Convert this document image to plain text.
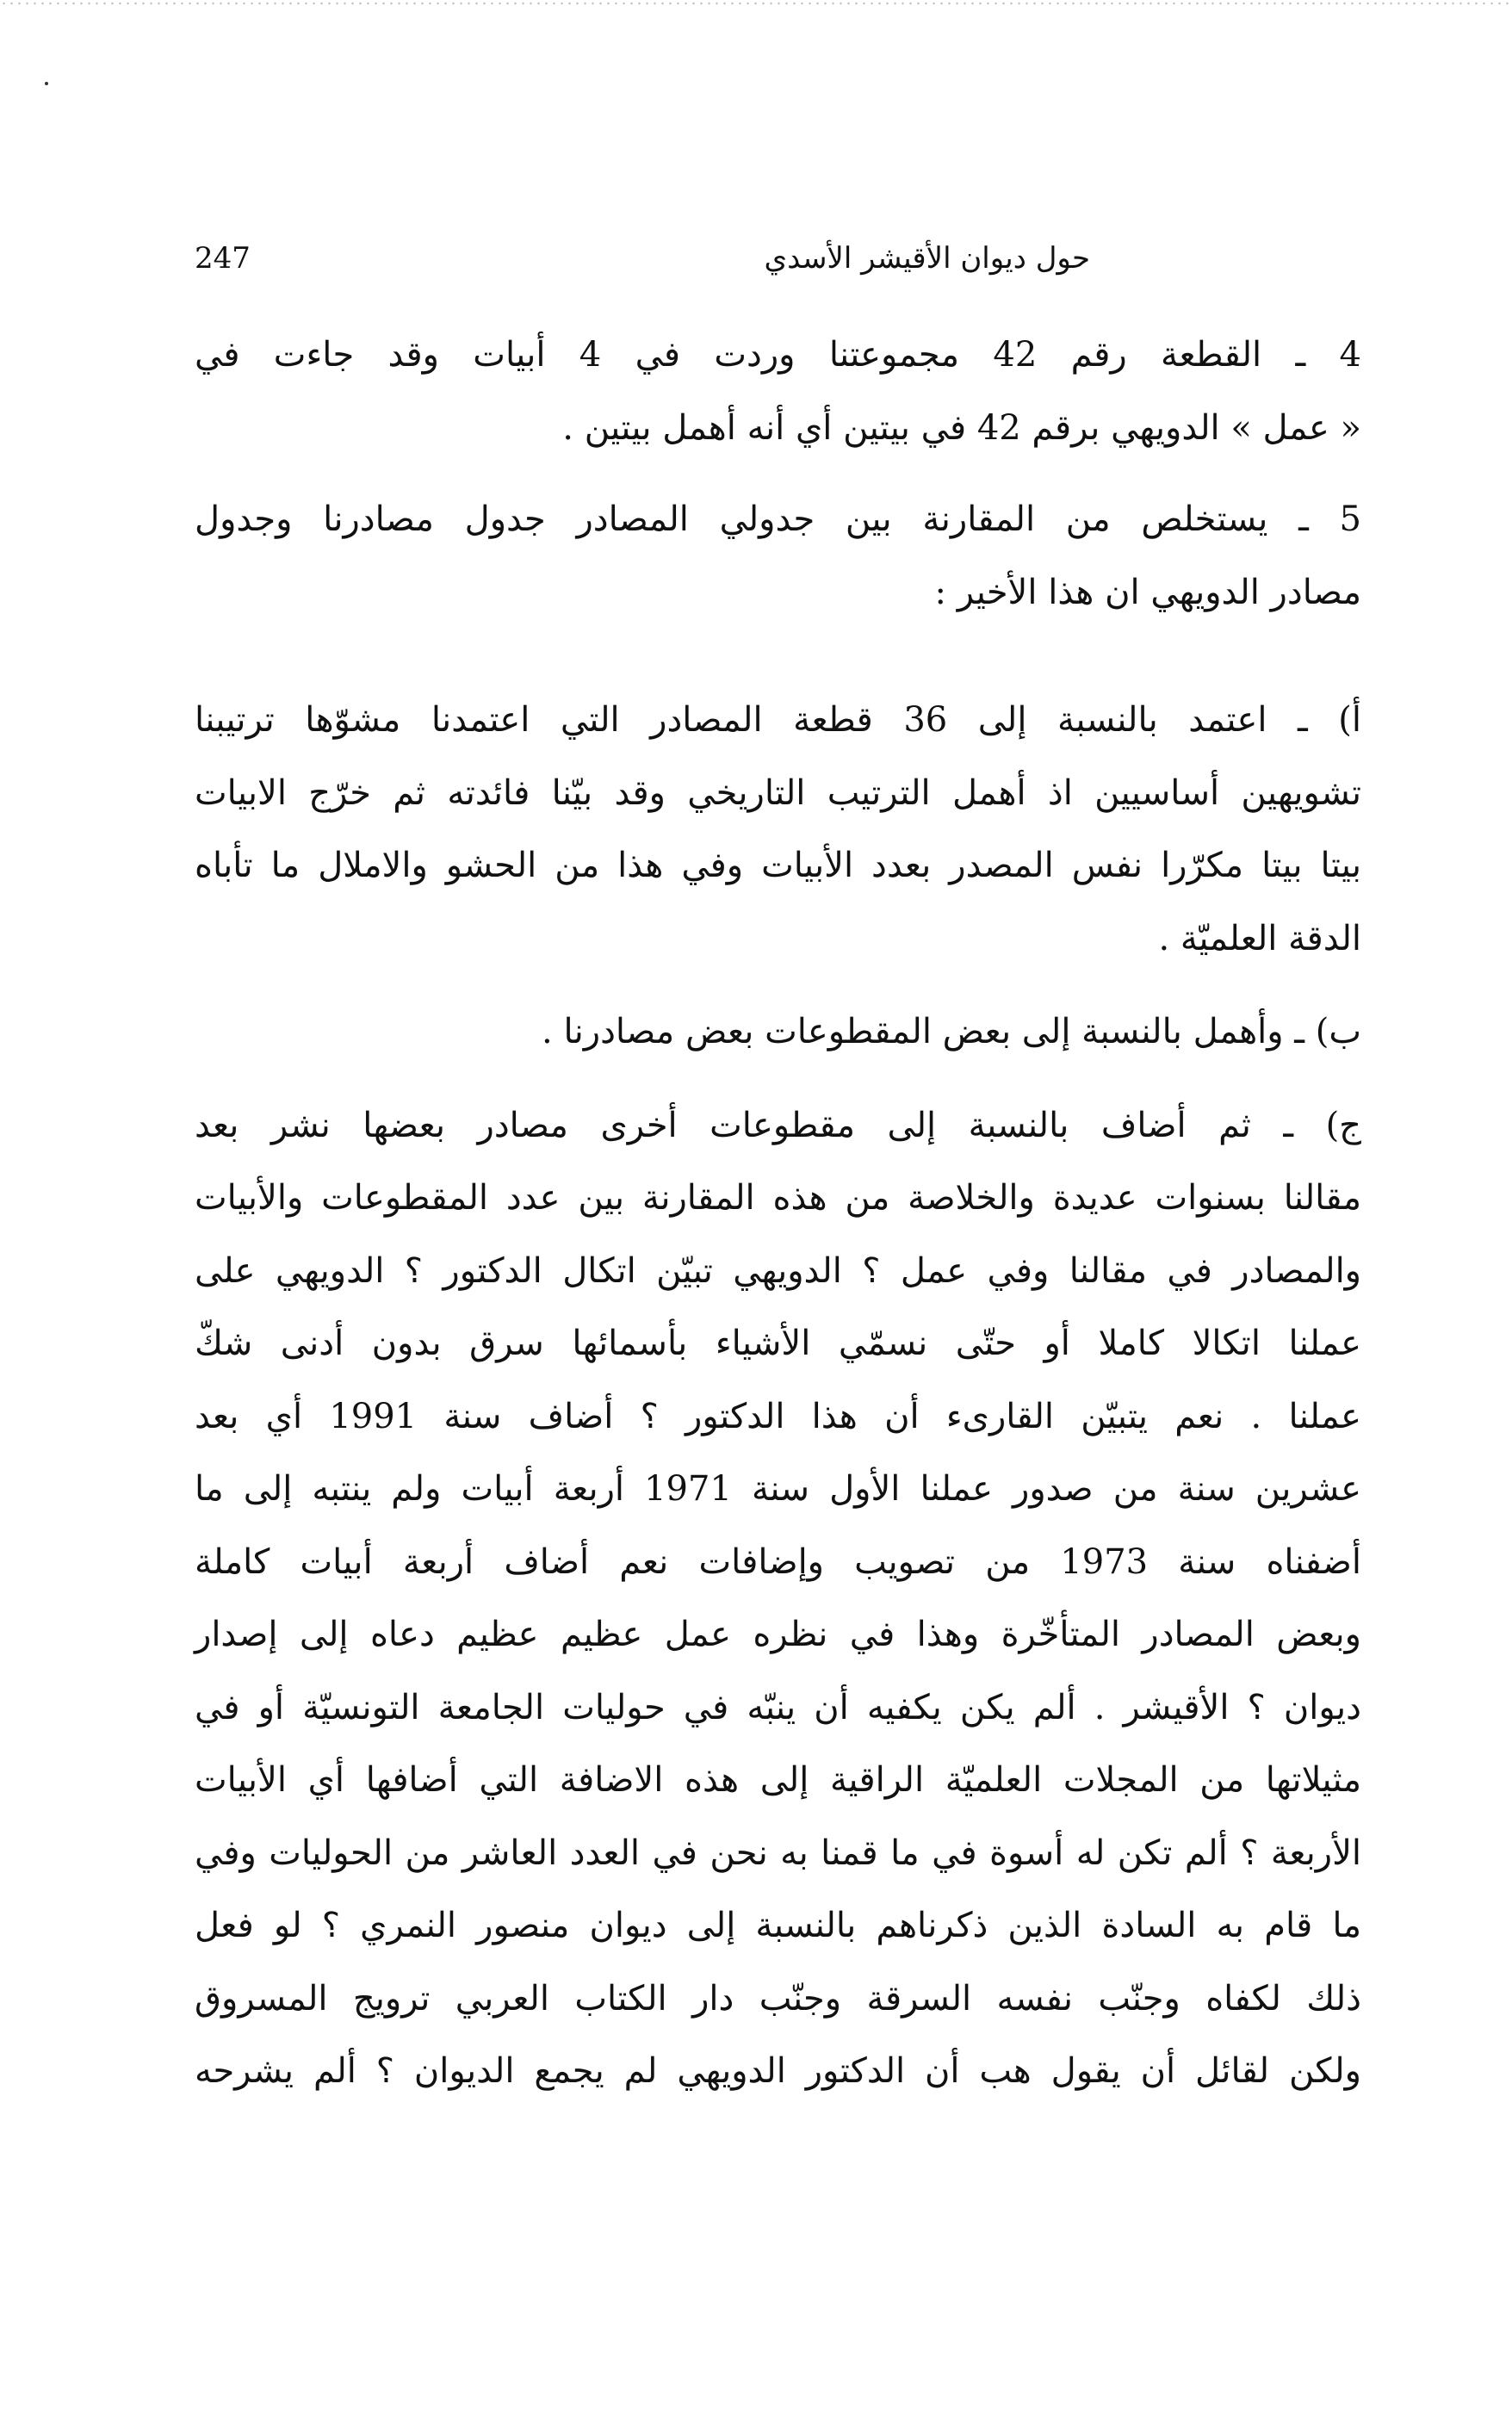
حول ديوان الأقيشر الأسدي
247
4 ـ القطعة رقم 42 مجموعتنا وردت في 4 أبيات وقد جاءت في
« عمل » الدويهي برقم 42 في بيتين أي أنه أهمل بيتين .
5 ـ يستخلص من المقارنة بين جدولي المصادر جدول مصادرنا وجدول
مصادر الدويهي ان هذا الأخير :
أ) ـ اعتمد بالنسبة إلى 36 قطعة المصادر التي اعتمدنا مشوّها ترتيبنا
تشويهين أساسيين اذ أهمل الترتيب التاريخي وقد بيّنا فائدته ثم خرّج الابيات
بيتا بيتا مكرّرا نفس المصدر بعدد الأبيات وفي هذا من الحشو والاملال ما تأباه
الدقة العلميّة .
ب) ـ وأهمل بالنسبة إلى بعض المقطوعات بعض مصادرنا .
ج) ـ ثم أضاف بالنسبة إلى مقطوعات أخرى مصادر بعضها نشر بعد
مقالنا بسنوات عديدة والخلاصة من هذه المقارنة بين عدد المقطوعات والأبيات
والمصادر في مقالنا وفي عمل ؟ الدويهي تبيّن اتكال الدكتور ؟ الدويهي على
عملنا اتكالا كاملا أو حتّى نسمّي الأشياء بأسمائها سرق بدون أدنى شكّ
عملنا . نعم يتبيّن القارىء أن هذا الدكتور ؟ أضاف سنة 1991 أي بعد
عشرين سنة من صدور عملنا الأول سنة 1971 أربعة أبيات ولم ينتبه إلى ما
أضفناه سنة 1973 من تصويب وإضافات نعم أضاف أربعة أبيات كاملة
وبعض المصادر المتأخّرة وهذا في نظره عمل عظيم عظيم دعاه إلى إصدار
ديوان ؟ الأقيشر . ألم يكن يكفيه أن ينبّه في حوليات الجامعة التونسيّة أو في
مثيلاتها من المجلات العلميّة الراقية إلى هذه الاضافة التي أضافها أي الأبيات
الأربعة ؟ ألم تكن له أسوة في ما قمنا به نحن في العدد العاشر من الحوليات وفي
ما قام به السادة الذين ذكرناهم بالنسبة إلى ديوان منصور النمري ؟ لو فعل
ذلك لكفاه وجنّب نفسه السرقة وجنّب دار الكتاب العربي ترويج المسروق
ولكن لقائل أن يقول هب أن الدكتور الدويهي لم يجمع الديوان ؟ ألم يشرحه
